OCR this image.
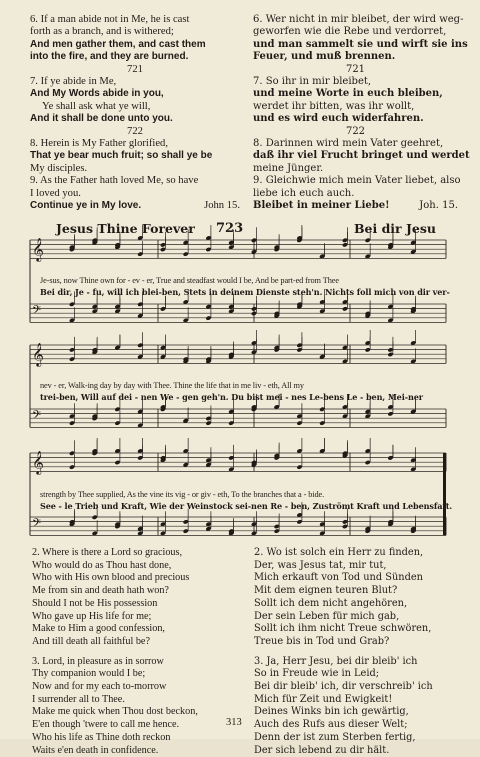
6. If a man abide not in Me, he is cast
forth as a branch, and is withered;
And men gather them, and cast them
into the fire, and they are burned.
721
7. If ye abide in Me,
And My Words abide in you,
Ye shall ask what ye will,
And it shall be done unto you.
722
8. Herein is My Father glorified,
That ye bear much fruit; so shall ye be
My disciples.
9. As the Father hath loved Me, so have
I loved you.
Continue ye in My love.	John 15.
6. Wer nicht in mir bleibet, der wird weg-
geworfen wie die Rebe und verdorret,
und man sammelt sie und wirft sie ins
Feuer, und muß brennen.
721
7. So ihr in mir bleibet,
und meine Worte in euch bleiben,
werdet ihr bitten, was ihr wollt,
und es wird euch widerfahren.
722
8. Darinnen wird mein Vater geehret,
daß ihr viel Frucht bringet und werdet
meine Jünger.
9. Gleichwie mich mein Vater liebet, also
liebe ich euch auch.
Bleibet in meiner Liebe!	Joh. 15.
Jesus Thine Forever 723	Bei dir Jesu
𝄞
𝄢
𝄞
𝄢
𝄞
𝄢
Je-sus, now Thine own for - ev - er, True and steadfast would I be, And be part-ed from Thee
Bei dir, Je - fu, will ich blei-ben, Stets in deinem Dienste steh'n. Nichts foll mich von dir ver-
nev - er, Walk-ing day by day with Thee. Thine the life that in me liv - eth, All my
trei-ben, Will auf dei - nen We - gen geh'n. Du bist mei - nes Le-bens Le - ben, Mei-ner
strength by Thee supplied, As the vine its vig - or giv - eth, To the branches that a - bide.
See - le Trieb und Kraft, Wie der Weinstock sei-nen Re - ben, Zuströmt Kraft und Lebensfaft.
2. Where is there a Lord so gracious,
Who would do as Thou hast done,
Who with His own blood and precious
Me from sin and death hath won?
Should I not be His possession
Who gave up His life for me;
Make to Him a good confession,
And till death all faithful be?
3. Lord, in pleasure as in sorrow
Thy companion would I be;
Now and for my each to-morrow
I surrender all to Thee.
Make me quick when Thou dost beckon,
E'en though 'twere to call me hence.
Who his life as Thine doth reckon
Waits e'en death in confidence.
2. Wo ist solch ein Herr zu finden,
Der, was Jesus tat, mir tut,
Mich erkauft von Tod und Sünden
Mit dem eignen teuren Blut?
Sollt ich dem nicht angehören,
Der sein Leben für mich gab,
Sollt ich ihm nicht Treue schwören,
Treue bis in Tod und Grab?
3. Ja, Herr Jesu, bei dir bleib' ich
So in Freude wie in Leid;
Bei dir bleib' ich, dir verschreib' ich
Mich für Zeit und Ewigkeit!
Deines Winks bin ich gewärtig,
Auch des Rufs aus dieser Welt;
Denn der ist zum Sterben fertig,
Der sich lebend zu dir hält.
313
